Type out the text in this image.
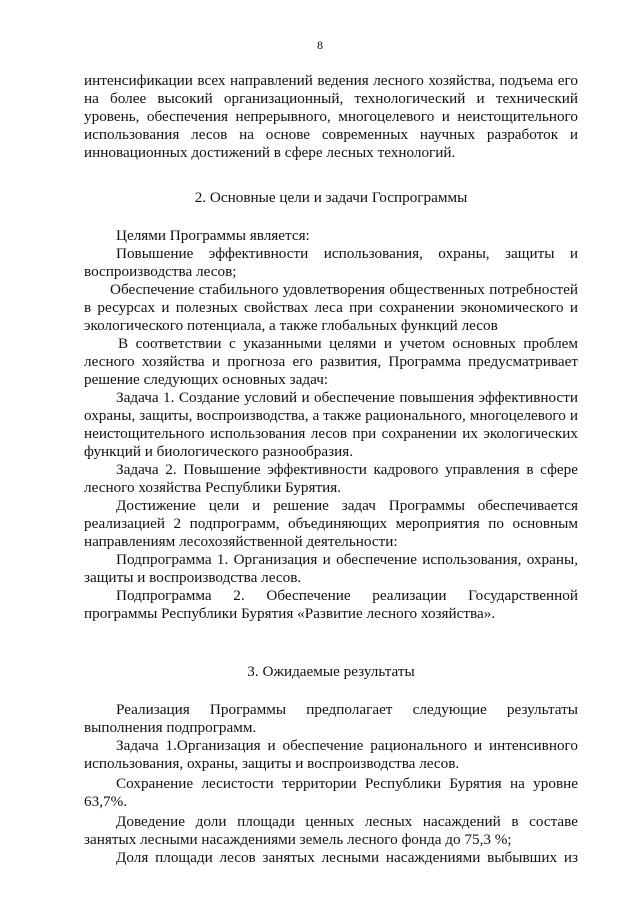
8

интенсификации всех направлений ведения лесного хозяйства, подъема его на более высокий организационный, технологический и технический уровень, обеспечения непрерывного, многоцелевого и неистощительного использования лесов на основе современных научных разработок и инновационных достижений в сфере лесных технологий.

2. Основные цели и задачи Госпрограммы

Целями Программы является:

Повышение эффективности использования, охраны, защиты и воспроизводства лесов;

Обеспечение стабильного удовлетворения общественных потребностей в ресурсах и полезных свойствах леса при сохранении экономического и экологического потенциала, а также глобальных функций лесов

В соответствии с указанными целями и учетом основных проблем лесного хозяйства и прогноза его развития, Программа предусматривает решение следующих основных задач:

Задача 1. Создание условий и обеспечение повышения эффективности охраны, защиты, воспроизводства, а также рационального, многоцелевого и неистощительного использования лесов при сохранении их экологических функций и биологического разнообразия.

Задача 2. Повышение эффективности кадрового управления в сфере лесного хозяйства Республики Бурятия.

Достижение цели и решение задач Программы обеспечивается реализацией 2 подпрограмм, объединяющих мероприятия по основным направлениям лесохозяйственной деятельности:

Подпрограмма 1. Организация и обеспечение использования, охраны, защиты и воспроизводства лесов.

Подпрограмма 2. Обеспечение реализации Государственной программы Республики Бурятия «Развитие лесного хозяйства».

3. Ожидаемые результаты

Реализация Программы предполагает следующие результаты выполнения подпрограмм.

Задача 1.Организация и обеспечение рационального и интенсивного использования, охраны, защиты и воспроизводства лесов.

Сохранение лесистости территории Республики Бурятия на уровне 63,7%.

Доведение доли площади ценных лесных насаждений в составе занятых лесными насаждениями земель лесного фонда до 75,3 %;

Доля площади лесов занятых лесными насаждениями выбывших из
